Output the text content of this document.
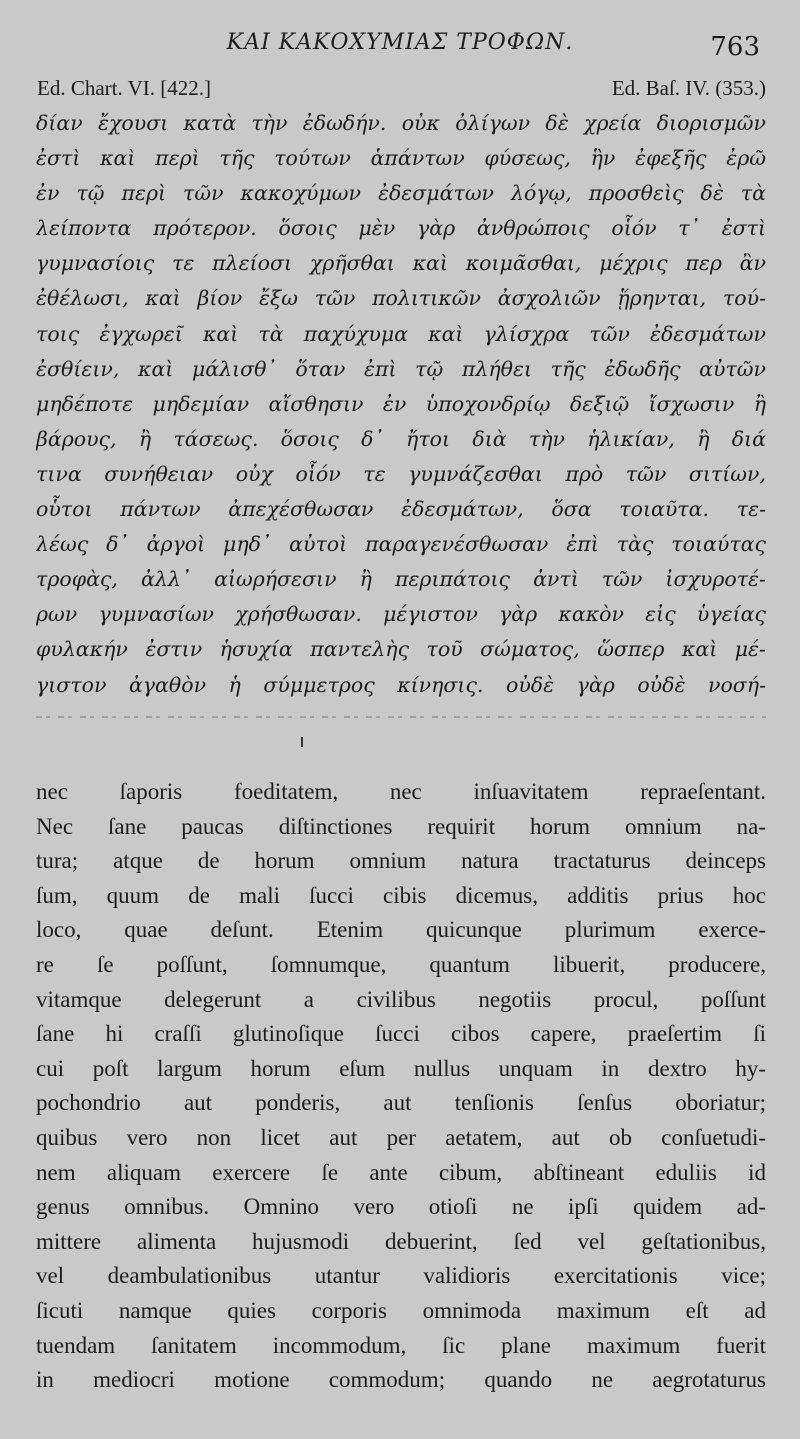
ΚΑΙ ΚΑΚΟΧΥΜΙΑΣ ΤΡΟΦΩΝ.	763
Ed. Chart. VI. [422.]	Ed. Baſ. IV. (353.)
δίαν ἔχουσι κατὰ τὴν ἐδωδήν. οὐκ ὀλίγων δὲ χρεία διορισμῶν
ἐστὶ καὶ περὶ τῆς τούτων ἁπάντων φύσεως, ἣν ἐφεξῆς ἐρῶ
ἐν τῷ περὶ τῶν κακοχύμων ἐδεσμάτων λόγῳ, προσθεὶς δὲ τὰ
λείποντα πρότερον. ὅσοις μὲν γὰρ ἀνθρώποις οἷόν τ᾿ ἐστὶ
γυμνασίοις τε πλείοσι χρῆσθαι καὶ κοιμᾶσθαι, μέχρις περ ἂν
ἐθέλωσι, καὶ βίον ἔξω τῶν πολιτικῶν ἀσχολιῶν ᾕρηνται, τού-
τοις ἐγχωρεῖ καὶ τὰ παχύχυμα καὶ γλίσχρα τῶν ἐδεσμάτων
ἐσθίειν, καὶ μάλισθ᾿ ὅταν ἐπὶ τῷ πλήθει τῆς ἐδωδῆς αὐτῶν
μηδέποτε μηδεμίαν αἴσθησιν ἐν ὑποχονδρίῳ δεξιῷ ἴσχωσιν ἢ
βάρους, ἢ τάσεως. ὅσοις δ᾿ ἤτοι διὰ τὴν ἡλικίαν, ἢ διά
τινα συνήθειαν οὐχ οἷόν τε γυμνάζεσθαι πρὸ τῶν σιτίων,
οὗτοι πάντων ἀπεχέσθωσαν ἐδεσμάτων, ὅσα τοιαῦτα. τε-
λέως δ᾿ ἀργοὶ μηδ᾿ αὐτοὶ παραγενέσθωσαν ἐπὶ τὰς τοιαύτας
τροφὰς, ἀλλ᾿ αἰωρήσεσιν ἢ περιπάτοις ἀντὶ τῶν ἰσχυροτέ-
ρων γυμνασίων χρήσθωσαν. μέγιστον γὰρ κακὸν εἰς ὑγείας
φυλακήν ἐστιν ἡσυχία παντελὴς τοῦ σώματος, ὥσπερ καὶ μέ-
γιστον ἀγαθὸν ἡ σύμμετρος κίνησις. οὐδὲ γὰρ οὐδὲ νοσή-
nec ſaporis foeditatem, nec inſuavitatem repraeſentant.
Nec ſane paucas diſtinctiones requirit horum omnium na-
tura; atque de horum omnium natura tractaturus deinceps
ſum, quum de mali ſucci cibis dicemus, additis prius hoc
loco, quae deſunt. Etenim quicunque plurimum exerce-
re ſe poſſunt, ſomnumque, quantum libuerit, producere,
vitamque delegerunt a civilibus negotiis procul, poſſunt
ſane hi craſſi glutinoſique ſucci cibos capere, praeſertim ſi
cui poſt largum horum eſum nullus unquam in dextro hy-
pochondrio aut ponderis, aut tenſionis ſenſus oboriatur;
quibus vero non licet aut per aetatem, aut ob conſuetudi-
nem aliquam exercere ſe ante cibum, abſtineant eduliis id
genus omnibus. Omnino vero otioſi ne ipſi quidem ad-
mittere alimenta hujusmodi debuerint, ſed vel geſtationibus,
vel deambulationibus utantur validioris exercitationis vice;
ſicuti namque quies corporis omnimoda maximum eſt ad
tuendam ſanitatem incommodum, ſic plane maximum fuerit
in mediocri motione commodum; quando ne aegrotaturus
